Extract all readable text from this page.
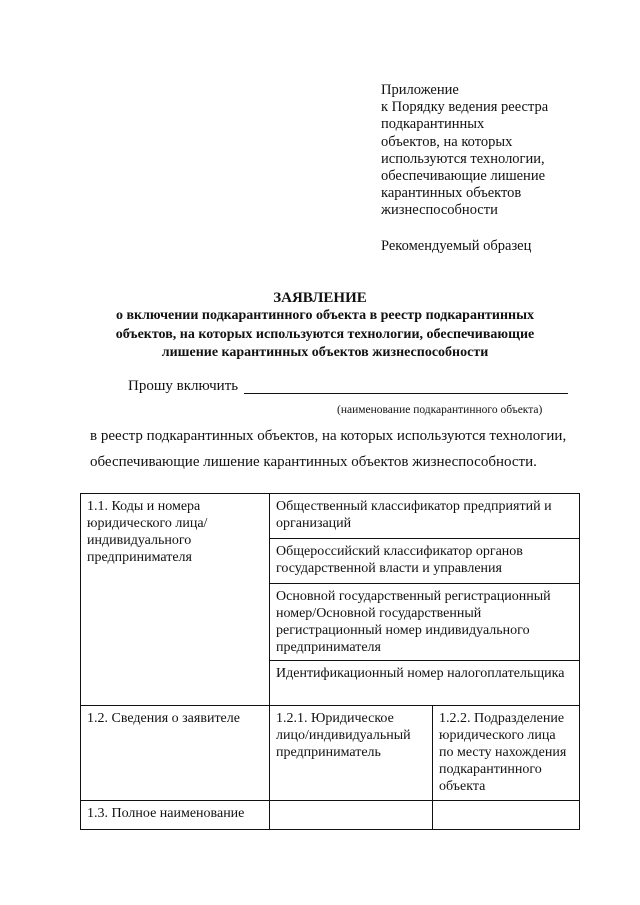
Приложение
к Порядку ведения реестра
подкарантинных
объектов, на которых
используются технологии,
обеспечивающие лишение
карантинных объектов
жизнеспособности
Рекомендуемый образец
ЗАЯВЛЕНИЕ
о включении подкарантинного объекта в реестр подкарантинных объектов, на которых используются технологии, обеспечивающие лишение карантинных объектов жизнеспособности
Прошу включить
(наименование подкарантинного объекта)
в реестр подкарантинных объектов, на которых используются технологии,
обеспечивающие лишение карантинных объектов жизнеспособности.
1.1. Коды и номера юридического лица/индивидуального предпринимателя	Общественный классификатор предприятий и организаций	
	Общероссийский классификатор органов государственной власти и управления	
	Основной государственный регистрационный номер/Основной государственный регистрационный номер индивидуального предпринимателя	
	Идентификационный номер налогоплательщика	
1.2. Сведения о заявителе	1.2.1. Юридическое лицо/индивидуальный предприниматель	1.2.2. Подразделение юридического лица по месту нахождения подкарантинного объекта
1.3. Полное наименование		
